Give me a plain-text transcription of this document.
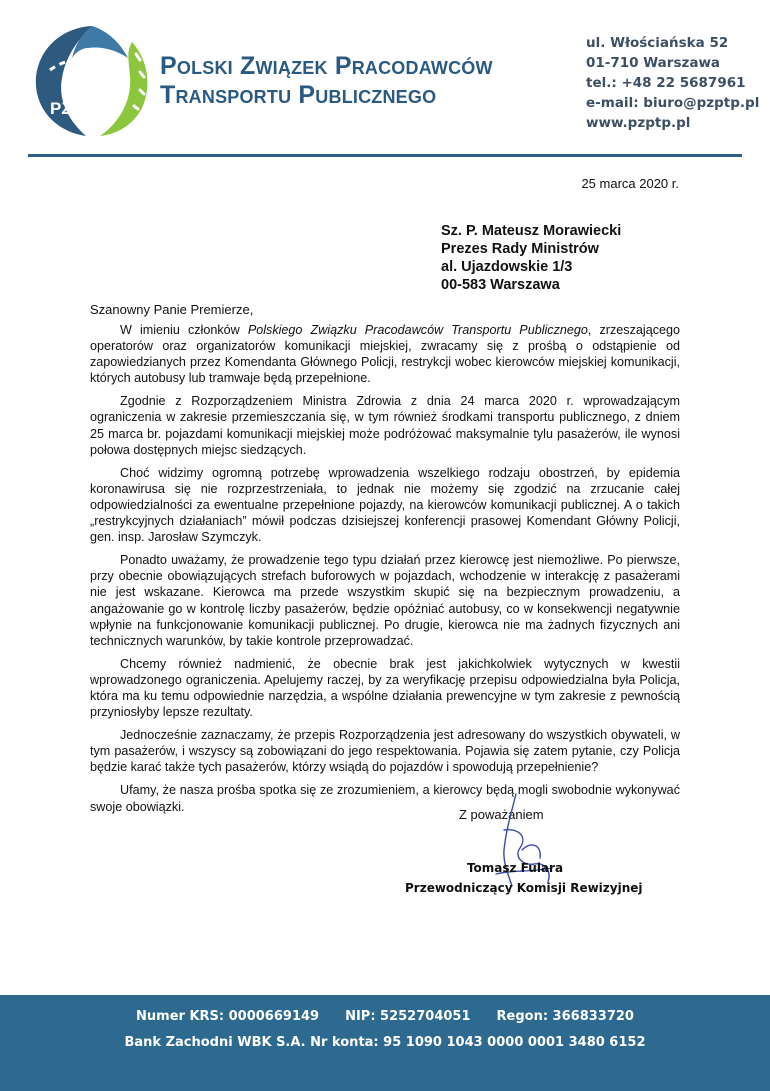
PZPTP
Polski Związek Pracodawców
Transportu Publicznego
ul. Włościańska 52
01-710 Warszawa
tel.: +48 22 5687961
e-mail: biuro@pzptp.pl
www.pzptp.pl
25 marca 2020 r.
Sz. P. Mateusz Morawiecki
Prezes Rady Ministrów
al. Ujazdowskie 1/3
00-583 Warszawa
Szanowny Panie Premierze,

W imieniu członków Polskiego Związku Pracodawców Transportu Publicznego, zrzeszającego operatorów oraz organizatorów komunikacji miejskiej, zwracamy się z prośbą o odstąpienie od zapowiedzianych przez Komendanta Głównego Policji, restrykcji wobec kierowców miejskiej komunikacji, których autobusy lub tramwaje będą przepełnione.

Zgodnie z Rozporządzeniem Ministra Zdrowia z dnia 24 marca 2020 r. wprowadzającym ograniczenia w zakresie przemieszczania się, w tym również środkami transportu publicznego, z dniem 25 marca br. pojazdami komunikacji miejskiej może podróżować maksymalnie tylu pasażerów, ile wynosi połowa dostępnych miejsc siedzących.

Choć widzimy ogromną potrzebę wprowadzenia wszelkiego rodzaju obostrzeń, by epidemia koronawirusa się nie rozprzestrzeniała, to jednak nie możemy się zgodzić na zrzucanie całej odpowiedzialności za ewentualne przepełnione pojazdy, na kierowców komunikacji publicznej. A o takich „restrykcyjnych działaniach” mówił podczas dzisiejszej konferencji prasowej Komendant Główny Policji, gen. insp. Jarosław Szymczyk.

Ponadto uważamy, że prowadzenie tego typu działań przez kierowcę jest niemożliwe. Po pierwsze, przy obecnie obowiązujących strefach buforowych w pojazdach, wchodzenie w interakcję z pasażerami nie jest wskazane. Kierowca ma przede wszystkim skupić się na bezpiecznym prowadzeniu, a angażowanie go w kontrolę liczby pasażerów, będzie opóźniać autobusy, co w konsekwencji negatywnie wpłynie na funkcjonowanie komunikacji publicznej. Po drugie, kierowca nie ma żadnych fizycznych ani technicznych warunków, by takie kontrole przeprowadzać.

Chcemy również nadmienić, że obecnie brak jest jakichkolwiek wytycznych w kwestii wprowadzonego ograniczenia. Apelujemy raczej, by za weryfikację przepisu odpowiedzialna była Policja, która ma ku temu odpowiednie narzędzia, a wspólne działania prewencyjne w tym zakresie z pewnością przyniosłyby lepsze rezultaty.

Jednocześnie zaznaczamy, że przepis Rozporządzenia jest adresowany do wszystkich obywateli, w tym pasażerów, i wszyscy są zobowiązani do jego respektowania. Pojawia się zatem pytanie, czy Policja będzie karać także tych pasażerów, którzy wsiądą do pojazdów i spowodują przepełnienie?

Ufamy, że nasza prośba spotka się ze zrozumieniem, a kierowcy będą mogli swobodnie wykonywać swoje obowiązki.

Z poważaniem
Tomasz Fulara
Przewodniczący Komisji Rewizyjnej
Numer KRS: 0000669149 NIP: 5252704051 Regon: 366833720
Bank Zachodni WBK S.A. Nr konta: 95 1090 1043 0000 0001 3480 6152
